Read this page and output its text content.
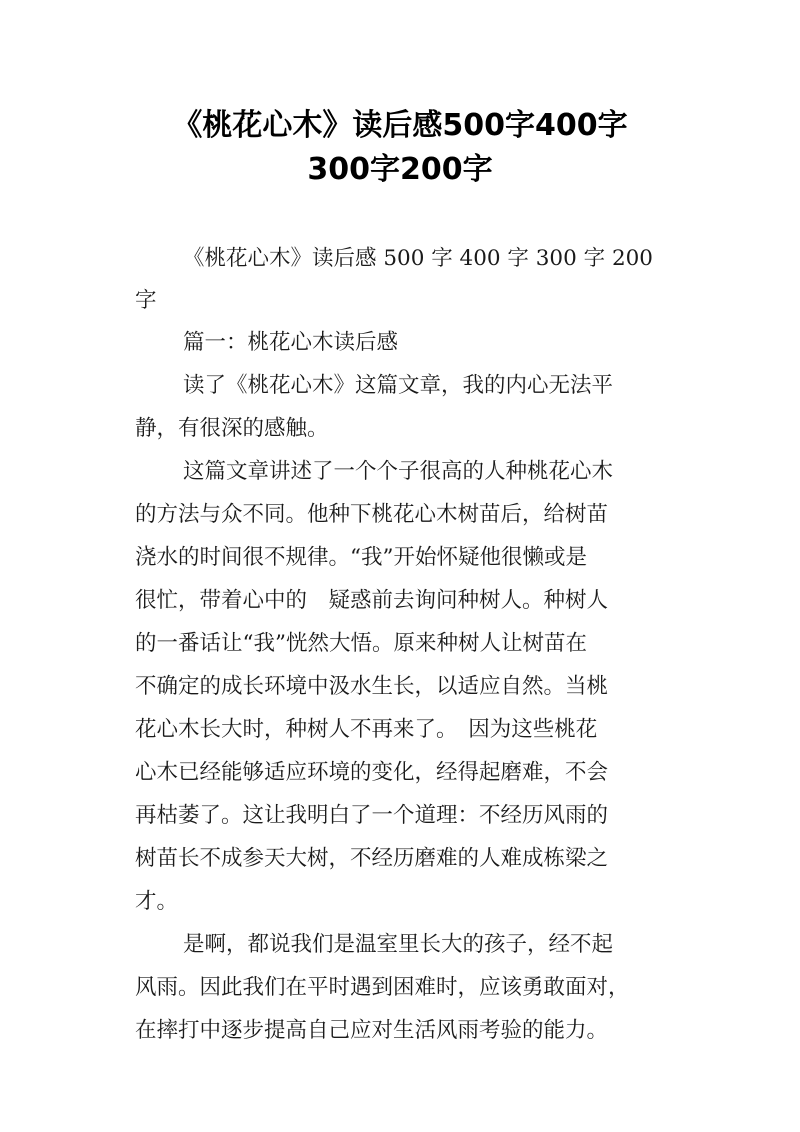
《桃花心木》读后感500字400字
300字200字
《桃花心木》读后感 500 字 400 字 300 字 200
字
篇一：桃花心木读后感
读了《桃花心木》这篇文章，我的内心无法平
静，有很深的感触。
这篇文章讲述了一个个子很高的人种桃花心木
的方法与众不同。他种下桃花心木树苗后，给树苗
浇水的时间很不规律。“我”开始怀疑他很懒或是
很忙，带着心中的　疑惑前去询问种树人。种树人
的一番话让“我”恍然大悟。原来种树人让树苗在
不确定的成长环境中汲水生长，以适应自然。当桃
花心木长大时，种树人不再来了。　因为这些桃花
心木已经能够适应环境的变化，经得起磨难，不会
再枯萎了。这让我明白了一个道理：不经历风雨的
树苗长不成参天大树，不经历磨难的人难成栋梁之
才。
是啊，都说我们是温室里长大的孩子，经不起
风雨。因此我们在平时遇到困难时，应该勇敢面对，
在摔打中逐步提高自己应对生活风雨考验的能力。
